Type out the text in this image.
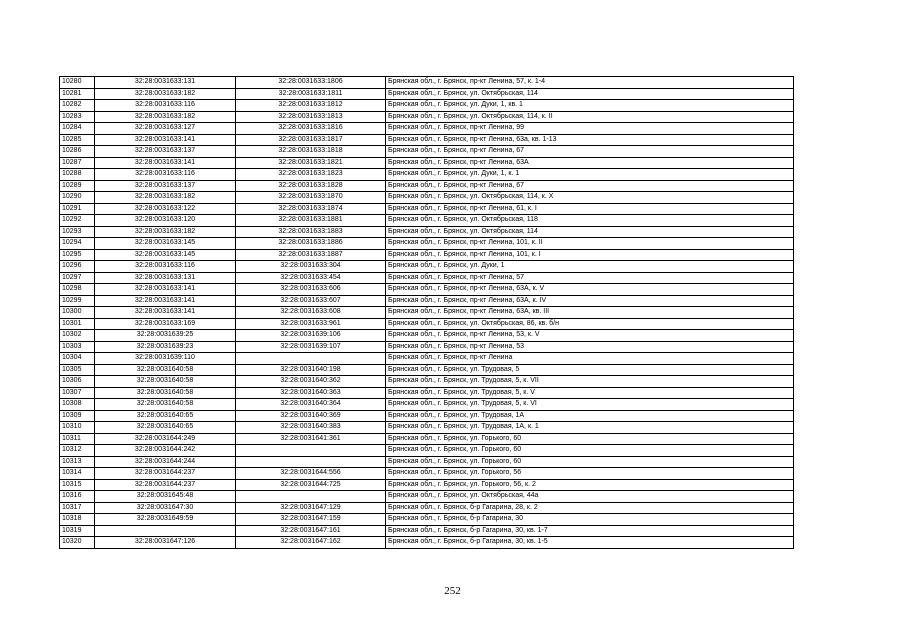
10280	32:28:0031633:131	32:28:0031633:1806	Брянская обл., г. Брянск, пр-кт Ленина, 57, к. 1-4
10281	32:28:0031633:182	32:28:0031633:1811	Брянская обл., г. Брянск, ул. Октябрьская, 114
10282	32:28:0031633:116	32:28:0031633:1812	Брянская обл., г. Брянск, ул. Дуки, 1, кв. 1
10283	32:28:0031633:182	32:28:0031633:1813	Брянская обл., г. Брянск, ул. Октябрьская, 114, к. II
10284	32:28:0031633:127	32:28:0031633:1816	Брянская обл., г. Брянск, пр-кт Ленина, 99
10285	32:28:0031633:141	32:28:0031633:1817	Брянская обл., г. Брянск, пр-кт Ленина, 63а, кв. 1-13
10286	32:28:0031633:137	32:28:0031633:1818	Брянская обл., г. Брянск, пр-кт Ленина, 67
10287	32:28:0031633:141	32:28:0031633:1821	Брянская обл., г. Брянск, пр-кт Ленина, 63А
10288	32:28:0031633:116	32:28:0031633:1823	Брянская обл., г. Брянск, ул. Дуки, 1, к. 1
10289	32:28:0031633:137	32:28:0031633:1828	Брянская обл., г. Брянск, пр-кт Ленина, 67
10290	32:28:0031633:182	32:28:0031633:1870	Брянская обл., г. Брянск, ул. Октябрьская, 114, к. X
10291	32:28:0031633:122	32:28:0031633:1874	Брянская обл., г. Брянск, пр-кт Ленина, 61, к. I
10292	32:28:0031633:120	32:28:0031633:1881	Брянская обл., г. Брянск, ул. Октябрьская, 118
10293	32:28:0031633:182	32:28:0031633:1883	Брянская обл., г. Брянск, ул. Октябрьская, 114
10294	32:28:0031633:145	32:28:0031633:1886	Брянская обл., г. Брянск, пр-кт Ленина, 101, к. II
10295	32:28:0031633:145	32:28:0031633:1887	Брянская обл., г. Брянск, пр-кт Ленина, 101, к. I
10296	32:28:0031633:116	32:28:0031633:304	Брянская обл., г. Брянск, ул. Дуки, 1
10297	32:28:0031633:131	32:28:0031633:454	Брянская обл., г. Брянск, пр-кт Ленина, 57
10298	32:28:0031633:141	32:28:0031633:606	Брянская обл., г. Брянск, пр-кт Ленина, 63А, к. V
10299	32:28:0031633:141	32:28:0031633:607	Брянская обл., г. Брянск, пр-кт Ленина, 63А, к. IV
10300	32:28:0031633:141	32:28:0031633:608	Брянская обл., г. Брянск, пр-кт Ленина, 63А, кв. III
10301	32:28:0031633:169	32:28:0031633:961	Брянская обл., г. Брянск, ул. Октябрьская, 86, кв. б/н
10302	32:28:0031639:25	32:28:0031639:106	Брянская обл., г. Брянск, пр-кт Ленина, 53, к. V
10303	32:28:0031639:23	32:28:0031639:107	Брянская обл., г. Брянск, пр-кт Ленина, 53
10304	32:28:0031639:110		Брянская обл., г. Брянск, пр-кт Ленина
10305	32:28:0031640:58	32:28:0031640:198	Брянская обл., г. Брянск, ул. Трудовая, 5
10306	32:28:0031640:58	32:28:0031640:362	Брянская обл., г. Брянск, ул. Трудовая, 5, к. VII
10307	32:28:0031640:58	32:28:0031640:363	Брянская обл., г. Брянск, ул. Трудовая, 5, к. V
10308	32:28:0031640:58	32:28:0031640:364	Брянская обл., г. Брянск, ул. Трудовая, 5, к. VI
10309	32:28:0031640:65	32:28:0031640:369	Брянская обл., г. Брянск, ул. Трудовая, 1А
10310	32:28:0031640:65	32:28:0031640:383	Брянская обл., г. Брянск, ул. Трудовая, 1А, к. 1
10311	32:28:0031644:249	32:28:0031641:361	Брянская обл., г. Брянск, ул. Горького, 60
10312	32:28:0031644:242		Брянская обл., г. Брянск, ул. Горького, 60
10313	32:28:0031644:244		Брянская обл., г. Брянск, ул. Горького, 60
10314	32:28:0031644:237	32:28:0031644:556	Брянская обл., г. Брянск, ул. Горького, 56
10315	32:28:0031644:237	32:28:0031644:725	Брянская обл., г. Брянск, ул. Горького, 56, к. 2
10316	32:28:0031645:48		Брянская обл., г. Брянск, ул. Октябрьская, 44а
10317	32:28:0031647:30	32:28:0031647:129	Брянская обл., г. Брянск, б-р Гагарина, 28, к. 2
10318	32:28:0031649:59	32:28:0031647:159	Брянская обл., г. Брянск, б-р Гагарина, 30
10319		32:28:0031647:161	Брянская обл., г. Брянск, б-р Гагарина, 30, кв. 1-7
10320	32:28:0031647:126	32:28:0031647:162	Брянская обл., г. Брянск, б-р Гагарина, 30, кв. 1-5
252
